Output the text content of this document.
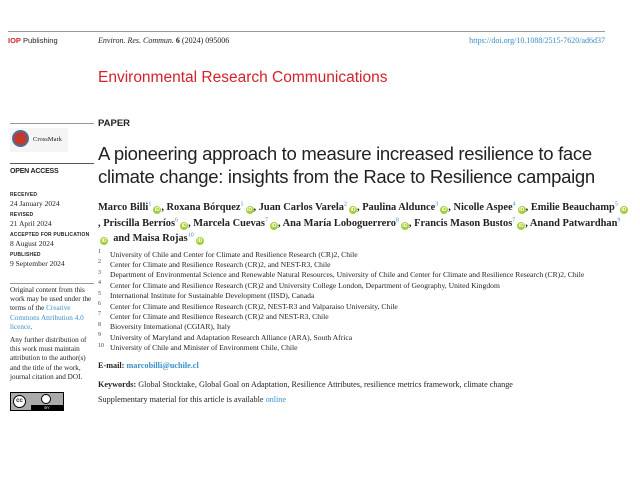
IOP Publishing	Environ. Res. Commun. 6 (2024) 095006	https://doi.org/10.1088/2515-7620/ad6d37
Environmental Research Communications
CrossMark
OPEN ACCESS
RECEIVED
24 January 2024
REVISED
21 April 2024
ACCEPTED FOR PUBLICATION
8 August 2024
PUBLISHED
9 September 2024
Original content from this work may be used under the terms of the Creative Commons Attribution 4.0 licence.
Any further distribution of this work must maintain attribution to the author(s) and the title of the work, journal citation and DOI.
cc
BY
PAPER
A pioneering approach to measure increased resilience to face climate change: insights from the Race to Resilience campaign
Marco Billi$^1$iD , Roxana Bórquez$^1$iD , Juan Carlos Varela$^2$iD , Paulina Aldunce$^3$iD , Nicolle Aspee$^4$iD , Emilie Beauchamp$^5$iD, Priscilla Berríos$^6$iD , Marcela Cuevas$^7$iD , Ana María Loboguerrero$^8$iD , Francis Mason Bustos$^7$iD , Anand Patwardhan$^9$iD and Maisa Rojas$^{10}$iD
$^1$ University of Chile and Center for Climate and Resilience Research (CR)2, Chile
$^2$ Center for Climate and Resilience Research (CR)2, and NEST-R3, Chile
$^3$ Department of Environmental Science and Renewable Natural Resources, University of Chile and Center for Climate and Resilience Research (CR)2, Chile
$^4$ Center for Climate and Resilience Research (CR)2 and University College London, Department of Geography, United Kingdom
$^5$ International Institute for Sustainable Development (IISD), Canada
$^6$ Center for Climate and Resilience Research (CR)2, NEST-R3 and Valparaiso University, Chile
$^7$ Center for Climate and Resilience Research (CR)2 and NEST-R3, Chile
$^8$ Bioversity International (CGIAR), Italy
$^9$ University of Maryland and Adaptation Research Alliance (ARA), South Africa
$^{10}$ University of Chile and Minister of Environment Chile, Chile
E-mail: marcobilli@uchile.cl
Keywords: Global Stocktake, Global Goal on Adaptation, Resilience Attributes, resilience metrics framework, climate change
Supplementary material for this article is available online
